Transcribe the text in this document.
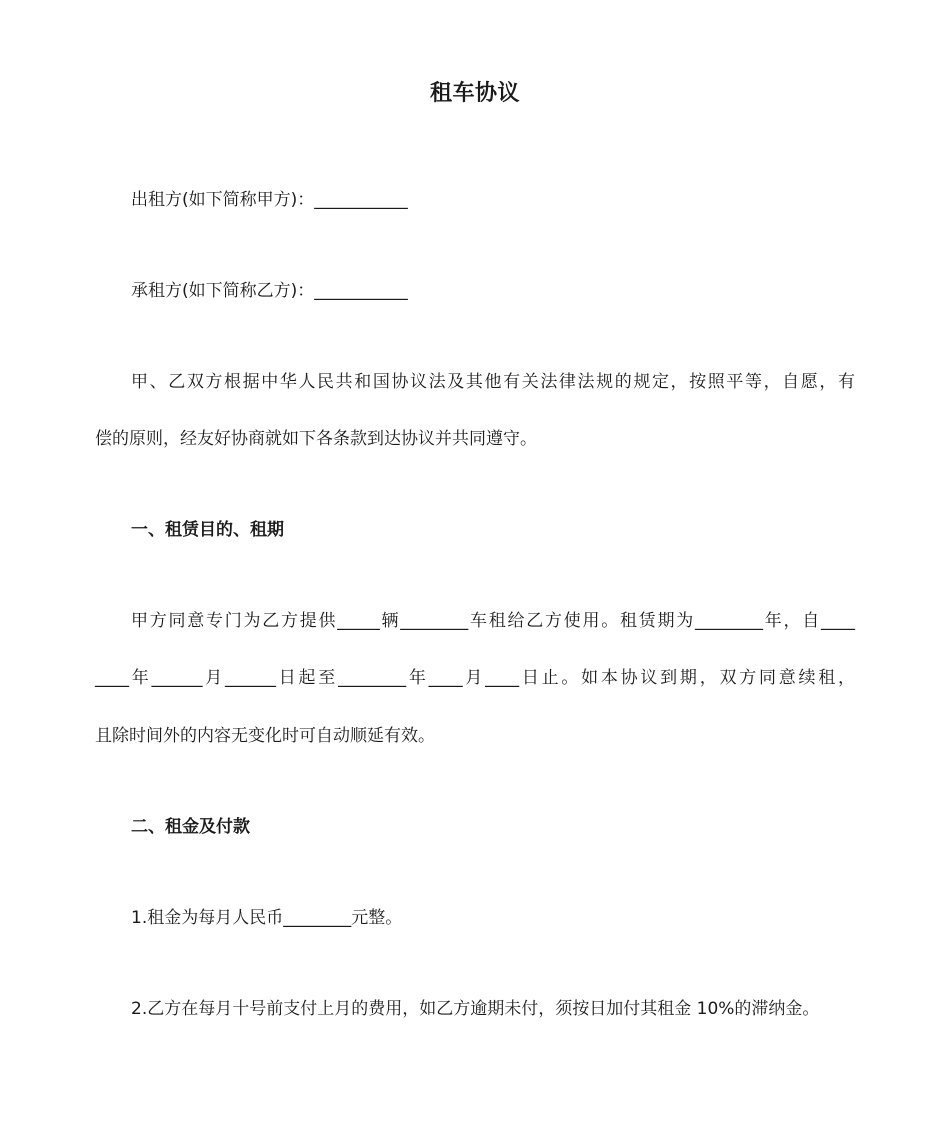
租车协议
出租方(如下简称甲方)：___________
承租方(如下简称乙方)：___________
甲、乙双方根据中华人民共和国协议法及其他有关法律法规的规定，按照平等，自愿，有
偿的原则，经友好协商就如下各条款到达协议并共同遵守。
一、租赁目的、租期
甲方同意专门为乙方提供_____辆________车租给乙方使用。租赁期为________年，自____
____年______月______日起至________年____月____日止。如本协议到期，双方同意续租，
且除时间外的内容无变化时可自动顺延有效。
二、租金及付款
1.租金为每月人民币________元整。
2.乙方在每月十号前支付上月的费用，如乙方逾期未付，须按日加付其租金 10%的滞纳金。
